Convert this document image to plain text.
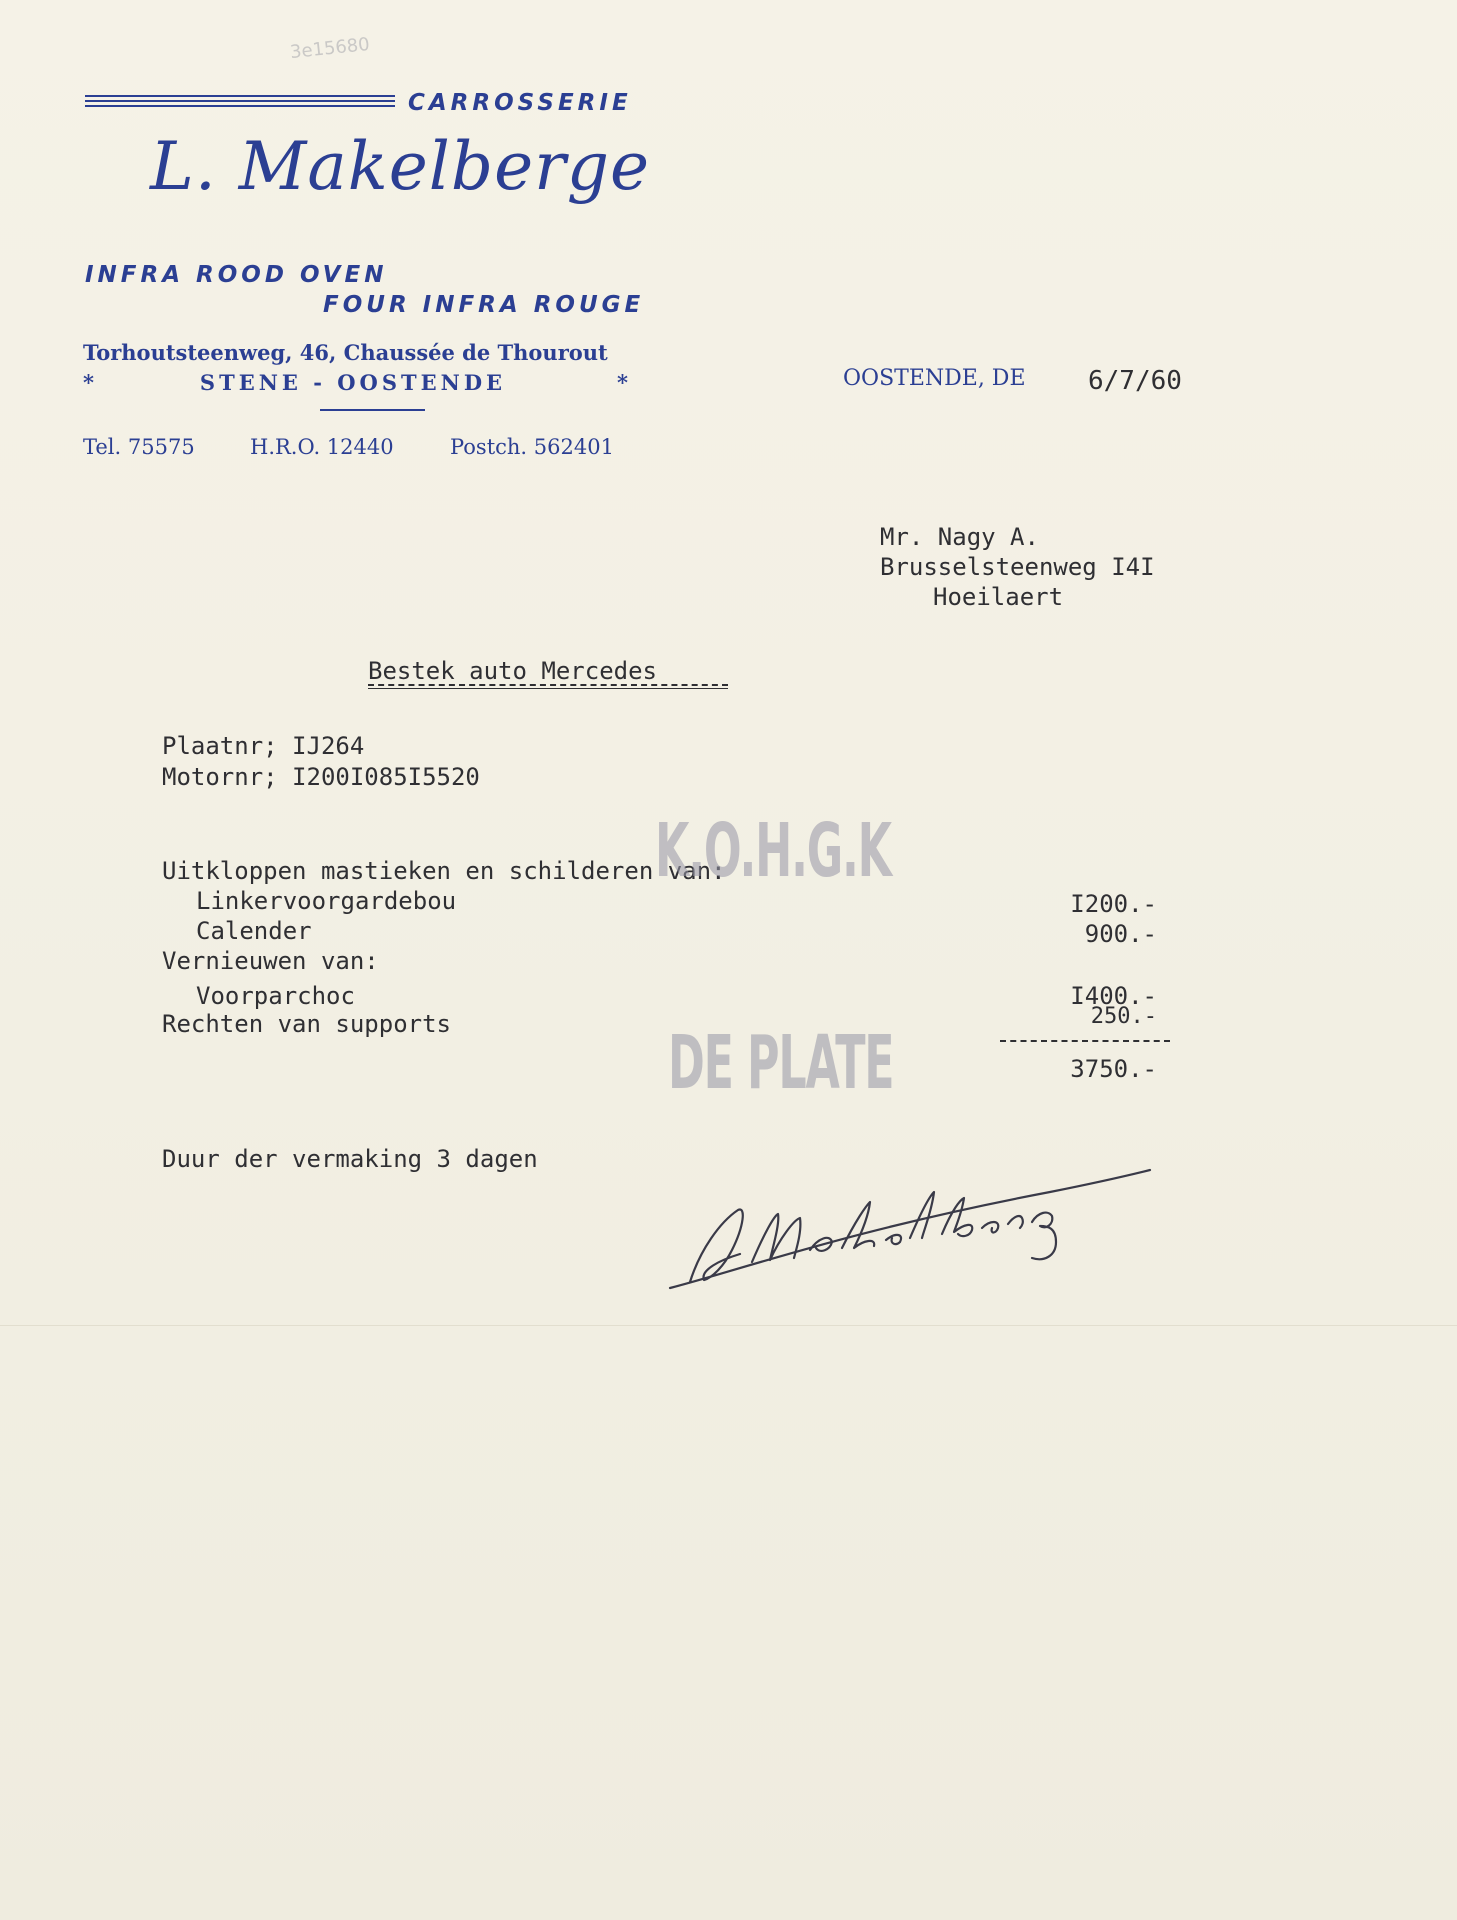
3e15680
CARROSSERIE
L. Makelberge
INFRA ROOD OVEN
FOUR INFRA ROUGE
Torhoutsteenweg, 46, Chaussée de Thourout
*	STENE - OOSTENDE	*
Tel. 75575	H.R.O. 12440	Postch. 562401
OOSTENDE, DE 6/7/60
Mr. Nagy A.
Brusselsteenweg I4I
Hoeilaert
Bestek auto Mercedes
Plaatnr; IJ264
Motornr; I200I085I5520
Uitkloppen mastieken en schilderen van:
Linkervoorgardebou	I200.-
Calender	900.-
Vernieuwen van:
Voorparchoc	I400.-
Rechten van supports	250.-
3750.-
Duur der vermaking 3 dagen
K.O.H.G.K
DE PLATE
